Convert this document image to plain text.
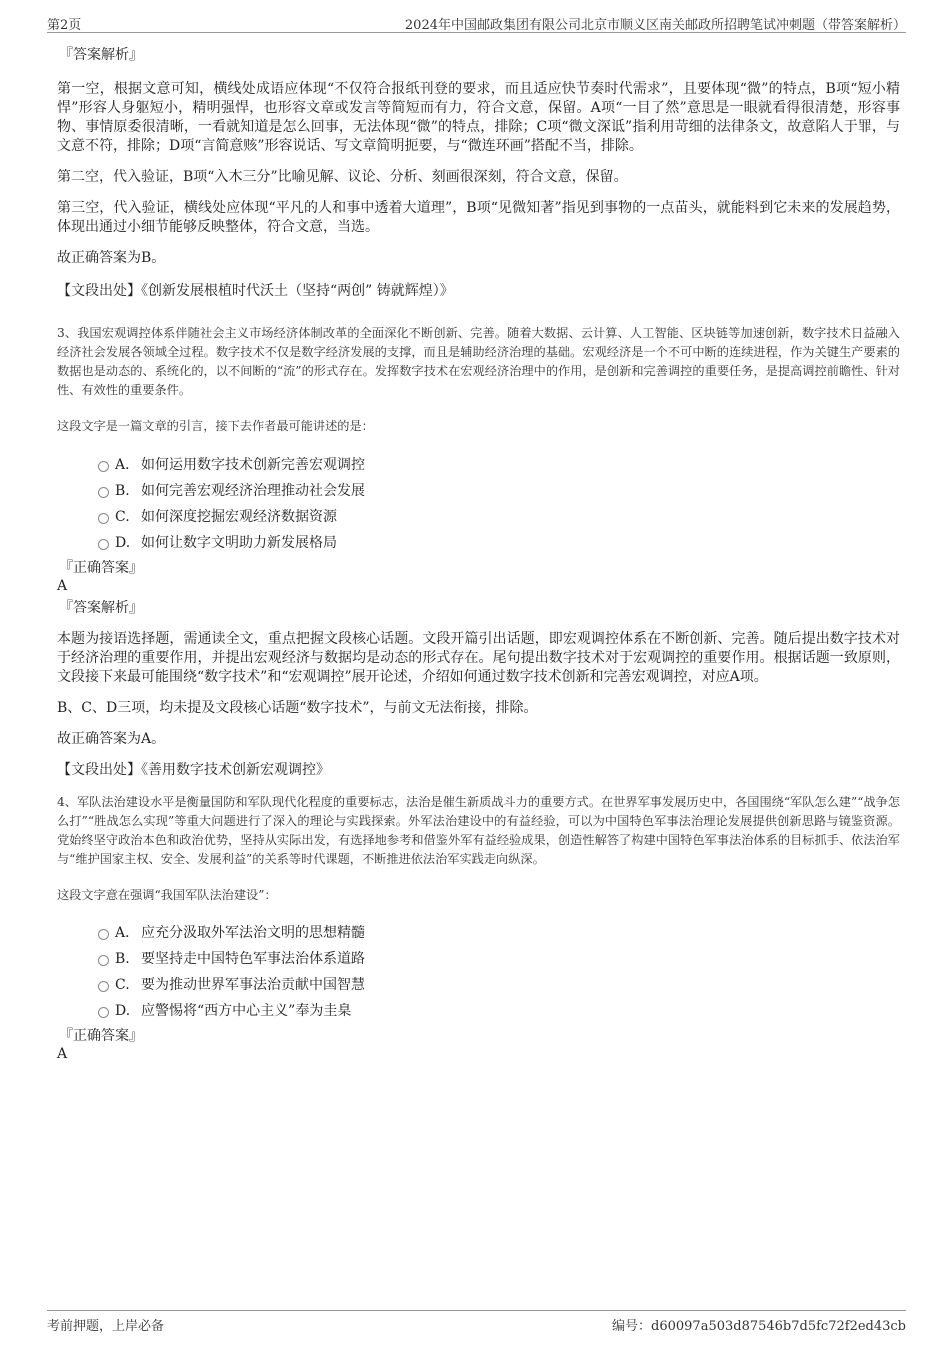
第2页	2024年中国邮政集团有限公司北京市顺义区南关邮政所招聘笔试冲刺题（带答案解析）
『答案解析』

第一空，根据文意可知，横线处成语应体现“不仅符合报纸刊登的要求，而且适应快节奏时代需求”，且要体现“微”的特点，B项“短小精悍”形容人身躯短小，精明强悍，也形容文章或发言等简短而有力，符合文意，保留。A项“一目了然”意思是一眼就看得很清楚，形容事物、事情原委很清晰，一看就知道是怎么回事，无法体现“微”的特点，排除；C项“微文深诋”指利用苛细的法律条文，故意陷人于罪，与文意不符，排除；D项“言简意赅”形容说话、写文章简明扼要，与“微连环画”搭配不当，排除。

第二空，代入验证，B项“入木三分”比喻见解、议论、分析、刻画很深刻，符合文意，保留。

第三空，代入验证，横线处应体现“平凡的人和事中透着大道理”，B项“见微知著”指见到事物的一点苗头，就能料到它未来的发展趋势，体现出通过小细节能够反映整体，符合文意，当选。

故正确答案为B。

【文段出处】《创新发展根植时代沃土（坚持“两创” 铸就辉煌）》

3、我国宏观调控体系伴随社会主义市场经济体制改革的全面深化不断创新、完善。随着大数据、云计算、人工智能、区块链等加速创新，数字技术日益融入经济社会发展各领域全过程。数字技术不仅是数字经济发展的支撑，而且是辅助经济治理的基础。宏观经济是一个不可中断的连续进程，作为关键生产要素的数据也是动态的、系统化的，以不间断的“流”的形式存在。发挥数字技术在宏观经济治理中的作用，是创新和完善调控的重要任务，是提高调控前瞻性、针对性、有效性的重要条件。

这段文字是一篇文章的引言，接下去作者最可能讲述的是：

A． 如何运用数字技术创新完善宏观调控
B. 如何完善宏观经济治理推动社会发展
C. 如何深度挖掘宏观经济数据资源
D. 如何让数字文明助力新发展格局
『正确答案』
A
『答案解析』

本题为接语选择题，需通读全文，重点把握文段核心话题。文段开篇引出话题，即宏观调控体系在不断创新、完善。随后提出数字技术对于经济治理的重要作用，并提出宏观经济与数据均是动态的形式存在。尾句提出数字技术对于宏观调控的重要作用。根据话题一致原则，文段接下来最可能围绕“数字技术”和“宏观调控”展开论述，介绍如何通过数字技术创新和完善宏观调控，对应A项。

B、C、D三项，均未提及文段核心话题“数字技术”，与前文无法衔接，排除。

故正确答案为A。

【文段出处】《善用数字技术创新宏观调控》

4、军队法治建设水平是衡量国防和军队现代化程度的重要标志，法治是催生新质战斗力的重要方式。在世界军事发展历史中，各国围绕“军队怎么建”“战争怎么打”“胜战怎么实现”等重大问题进行了深入的理论与实践探索。外军法治建设中的有益经验，可以为中国特色军事法治理论发展提供创新思路与镜鉴资源。党始终坚守政治本色和政治优势，坚持从实际出发，有选择地参考和借鉴外军有益经验成果，创造性解答了构建中国特色军事法治体系的目标抓手、依法治军与“维护国家主权、安全、发展利益”的关系等时代课题，不断推进依法治军实践走向纵深。

这段文字意在强调“我国军队法治建设”：

A． 应充分汲取外军法治文明的思想精髓
B. 要坚持走中国特色军事法治体系道路
C. 要为推动世界军事法治贡献中国智慧
D. 应警惕将“西方中心主义”奉为圭臬
『正确答案』
A
考前押题，上岸必备	编号：d60097a503d87546b7d5fc72f2ed43cb
